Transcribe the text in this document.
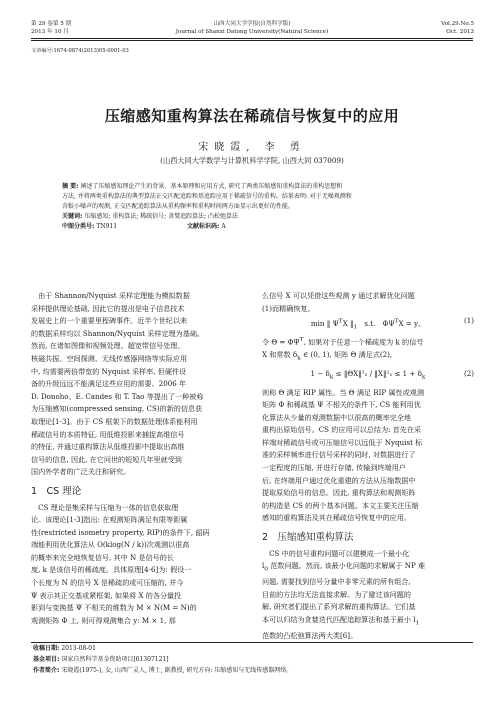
第 29 卷第 5 期
2013 年 10 月
山西大同大学学报(自然科学版)
Journal of Shanxi Datong University(Natural Science)
Vol.29.No.5
Oct. 2013
文章编号:1674-0874(2013)05-0001-03
压缩感知重构算法在稀疏信号恢复中的应用
宋晓霞, 李 勇
(山西大同大学数学与计算机科学学院, 山西大同 037009)
摘 要: 阐述了压缩感知理论产生的背景、基本原理和应用方式, 研究了两类压缩感知重构算法的重构思想和
方法, 并将两类重构算法的典型算法正交匹配追踪和基追踪应用于稀疏信号的重构。结果表明: 对于无噪观测和
含較小噪声的观测, 正交匹配追踪算法从重构频率和重构时间两方面显示出更好的性能。
关键词: 压缩感知; 重构算法; 稀疏信号; 贪婪追踪算法; 凸松弛算法
中图分类号: TN911	文献标识码: A
　由于 Shannon/Nyquist 采样定理能为模拟数据
采样提供理论基础, 因此它的提出是电子信息技术
发展史上的一个重要里程碑事件。近半个世纪以来
的数据采样均以 Shannon/Nyquist 采样定理为基础。
然而, 在诸如图像和视频处理、超宽带信号处理、
核磁共振、空间探测、无线传感器网络等实际应用
中, 均需要两倍带宽的 Nyquist 采样率, 但硬件设
备的升级远远不能满足这些应用的需要。2006 年
D. Donoho、E. Candes 和 T. Tao 等提出了一种被称
为压缩感知(compressed sensing, CS)的新的信息获
取理论[1-3]。由于 CS 框架下的数据处理体系能利用
稀疏信号的本质特征, 用低维投影来捕捉高维信号
的特征, 并通过重构算法从低维投影中提取出高维
信号的信息, 因此, 在它问世的短短几年里就受到
国内外学者的广泛关注和研究。
1　CS 理论
　CS 理论是集采样与压缩为一体的信息获取理
论。该理论[1-3]指出: 在观测矩阵满足有限等距属
性(restricted isometry property, RIP)的条件下, 韶码
端能利用优化算法从 O(klog(N / k))次观测以很高
的概率来完全地恢复信号, 其中 N 是信号的长
度, k 是该信号的稀疏度。具体原理[4-6]为: 假设一
个长度为 N 的信号 X 是稀疏的或可压缩的, 并今
Ψ 表示其正交基或紧框架, 如果将 X 的各分量投
影到与变换基 Ψ 不相关的维数为 M × N(M = N)的
观测矩阵 Φ 上, 则可得观测集合 y: M × 1, 那
么信号 X 可以凭借这些观测 y 通过求解优化问题
(1)而精确恢复。
min ‖ $\Psi^TX$ $‖_1$　s.t.　$\Phi\Psi^TX = y$。	(1)
令 $\Theta = \Phi\Psi^T$, 如果对于任意一个稀疏度为 k 的信号
X 和常数 $\delta_k$ ∈ (0, 1), 矩阵 Θ 满足式(2),
$1 - \delta_k$ ≤ ‖ΘX‖²₂ / ‖X‖²₂ ≤ $1 + \delta_k$	(2)
则称 Θ 满足 RIP 属性。当 Θ 满足 RIP 属性或观测
矩阵 Φ 和稀疏基 Ψ 不相关的条件下, CS 能利用优
化算法从少量的观测数据中以很高的概率完全地
重构出原始信号。CS 的应用可以总结为: 首先在采
样端对稀疏信号或可压缩信号以远低于 Nyquist 标
准的采样频率进行信号采样的同时, 对数据进行了
一定程度的压缩, 并进行存储, 传输到终端用户
后, 在终端用户通过优化重建的方法从压缩数据中
提取原始信号的信息。因此, 重构算法和观测矩阵
的构造是 CS 的两个基本问题。本文主要关注压缩
感知的重构算法及其在稀疏信号恢复中的应用。
2　压缩感知重构算法
　CS 中的信号重构问题可以建模成一个最小化
$l_0$ 范数问题。然而, 该最小化问题的求解属于 NP 难
问题, 需要找到信号分量中非零元素的所有组合,
目前的方法均无法直接求解。为了避过该问题的
解, 研究者们提出了系列求解的重构算法。它们基
本可以归结为贪婪迭代匹配追踪算法和基于最小 $l_1$
范数的凸松弛算法两大类[6]。
收稿日期: 2013-08-01
基金项目: 国家自然科学基金资助项目[61307121]
作者简介: 宋晓霞(1975-), 女, 山西广灵人, 博士, 副教授, 研究方向: 压缩感知与无线传感器网络。
